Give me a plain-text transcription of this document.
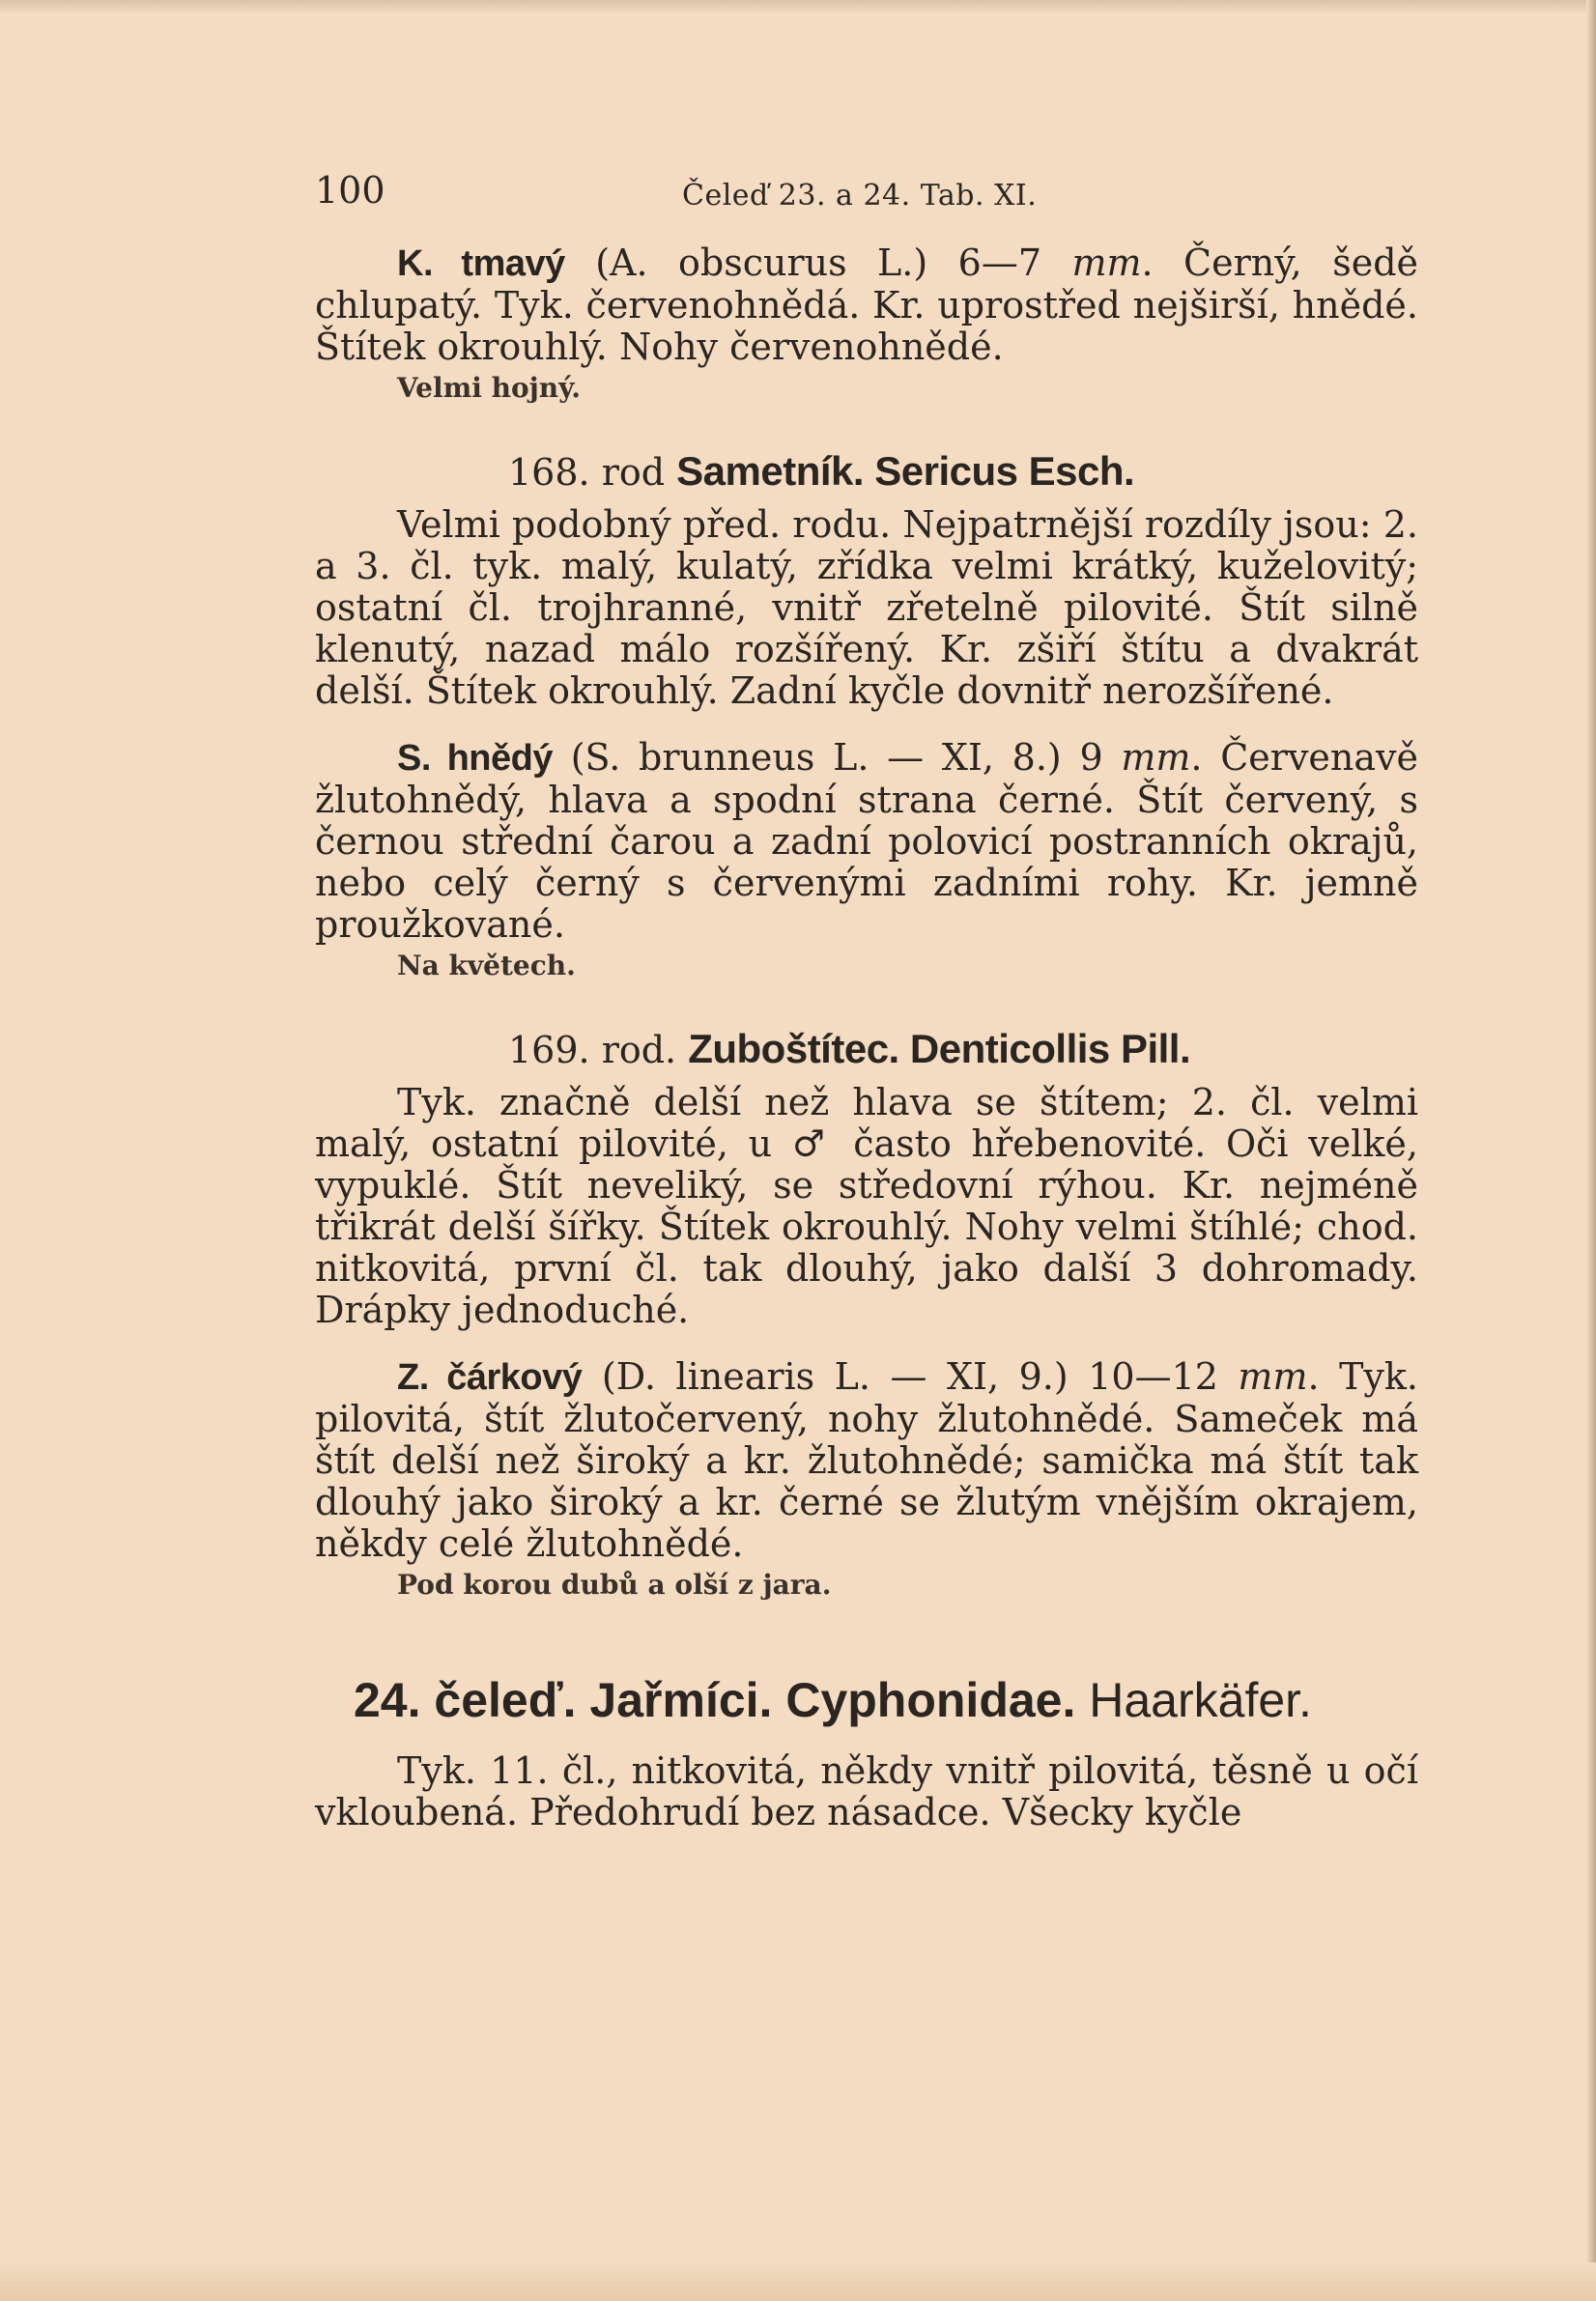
100	Čeleď 23. a 24. Tab. XI.

K. tmavý (A. obscurus L.) 6—7 mm. Černý, šedě chlupatý. Tyk. červenohnědá. Kr. uprostřed nejširší, hnědé. Štítek okrouhlý. Nohy červenohnědé.

Velmi hojný.

168. rod Sametník. Sericus Esch.

Velmi podobný před. rodu. Nejpatrnější rozdíly jsou: 2. a 3. čl. tyk. malý, kulatý, zřídka velmi krátký, kuželovitý; ostatní čl. trojhranné, vnitř zřetelně pilovité. Štít silně klenutý, nazad málo rozšířený. Kr. zšiří štítu a dvakrát delší. Štítek okrouhlý. Zadní kyčle dovnitř nerozšířené.

S. hnědý (S. brunneus L. — XI, 8.) 9 mm. Červenavě žlutohnědý, hlava a spodní strana černé. Štít červený, s černou střední čarou a zadní polovicí postranních okrajů, nebo celý černý s červenými zadními rohy. Kr. jemně proužkované.

Na květech.

169. rod. Zuboštítec. Denticollis Pill.

Tyk. značně delší než hlava se štítem; 2. čl. velmi malý, ostatní pilovité, u ♂ často hřebenovité. Oči velké, vypuklé. Štít neveliký, se středovní rýhou. Kr. nejméně třikrát delší šířky. Štítek okrouhlý. Nohy velmi štíhlé; chod. nitkovitá, první čl. tak dlouhý, jako další 3 dohromady. Drápky jednoduché.

Z. čárkový (D. linearis L. — XI, 9.) 10—12 mm. Tyk. pilovitá, štít žlutočervený, nohy žlutohnědé. Sameček má štít delší než široký a kr. žlutohnědé; samička má štít tak dlouhý jako široký a kr. černé se žlutým vnějším okrajem, někdy celé žlutohnědé.

Pod korou dubů a olší z jara.

24. čeleď. Jařmíci. Cyphonidae. Haarkäfer.

Tyk. 11. čl., nitkovitá, někdy vnitř pilovitá, těsně u očí vkloubená. Předohrudí bez násadce. Všecky kyčle
